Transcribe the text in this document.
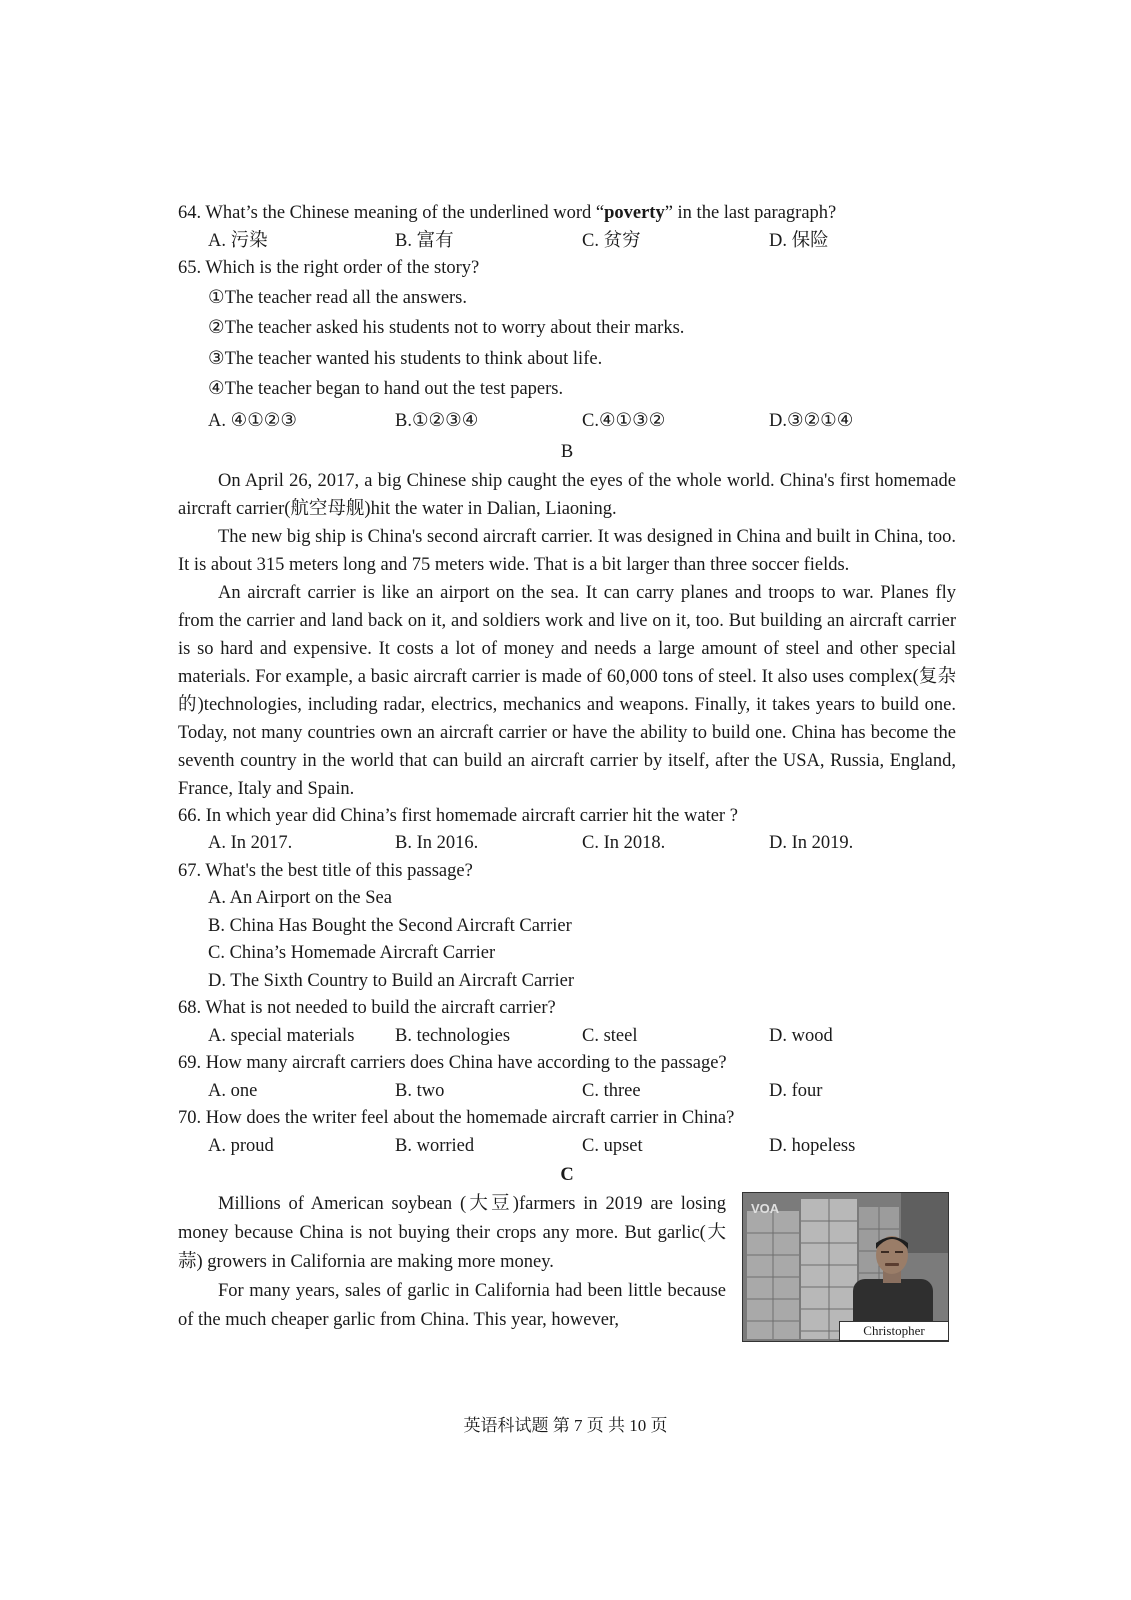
64. What’s the Chinese meaning of the underlined word “poverty” in the last paragraph?
A. 污染	B. 富有	C. 贫穷	D. 保险
65. Which is the right order of the story?
①The teacher read all the answers.
②The teacher asked his students not to worry about their marks.
③The teacher wanted his students to think about life.
④The teacher began to hand out the test papers.
A. ④①②③	B.①②③④	C.④①③②	D.③②①④
B

On April 26, 2017, a big Chinese ship caught the eyes of the whole world. China's first homemade aircraft carrier(航空母舰)hit the water in Dalian, Liaoning.

The new big ship is China's second aircraft carrier. It was designed in China and built in China, too. It is about 315 meters long and 75 meters wide. That is a bit larger than three soccer fields.

An aircraft carrier is like an airport on the sea. It can carry planes and troops to war. Planes fly from the carrier and land back on it, and soldiers work and live on it, too. But building an aircraft carrier is so hard and expensive. It costs a lot of money and needs a large amount of steel and other special materials. For example, a basic aircraft carrier is made of 60,000 tons of steel. It also uses complex(复杂的)technologies, including radar, electrics, mechanics and weapons. Finally, it takes years to build one. Today, not many countries own an aircraft carrier or have the ability to build one. China has become the seventh country in the world that can build an aircraft carrier by itself, after the USA, Russia, England, France, Italy and Spain.

66. In which year did China’s first homemade aircraft carrier hit the water ?
A. In 2017.	B. In 2016.	C. In 2018.	D. In 2019.
67. What's the best title of this passage?
A. An Airport on the Sea
B. China Has Bought the Second Aircraft Carrier
C. China’s Homemade Aircraft Carrier
D. The Sixth Country to Build an Aircraft Carrier
68. What is not needed to build the aircraft carrier?
A. special materials	B. technologies	C. steel	D. wood
69. How many aircraft carriers does China have according to the passage?
A. one	B. two	C. three	D. four
70. How does the writer feel about the homemade aircraft carrier in China?
A. proud	B. worried	C. upset	D. hopeless
C

Millions of American soybean (大豆)farmers in 2019 are losing money because China is not buying their crops any more. But garlic(大蒜) growers in California are making more money.

For many years, sales of garlic in California had been little because of the much cheaper garlic from China. This year, however,

VOA
Christopher
英语科试题 第 7 页 共 10 页
